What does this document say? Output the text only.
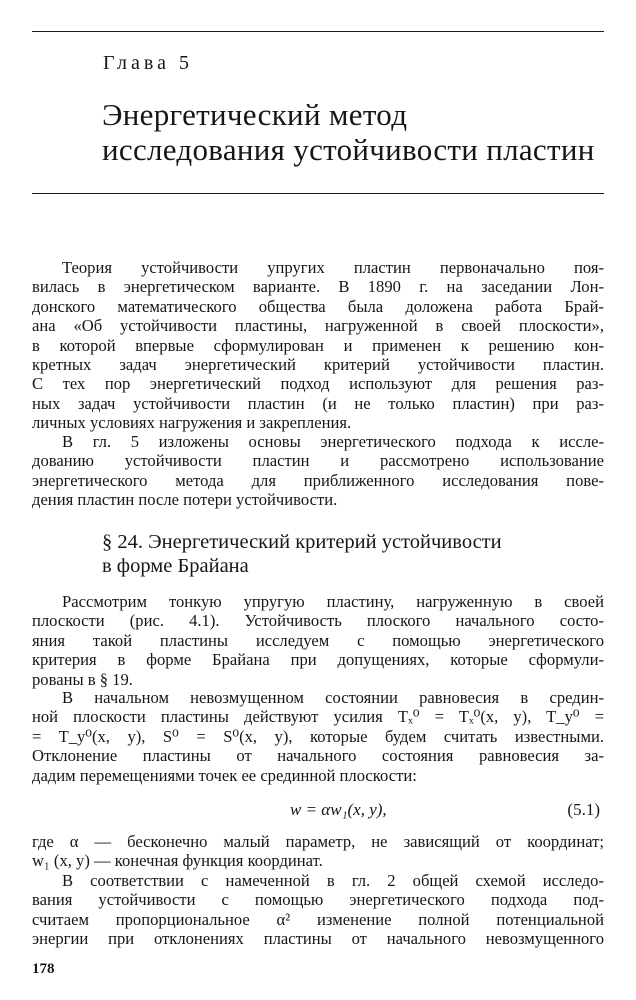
Глава 5

Энергетический метод
исследования устойчивости пластин

Теория устойчивости упругих пластин первоначально поя-
вилась в энергетическом варианте. В 1890 г. на заседании Лон-
донского математического общества была доложена работа Брай-
ана «Об устойчивости пластины, нагруженной в своей плоскости»,
в которой впервые сформулирован и применен к решению кон-
кретных задач энергетический критерий устойчивости пластин.
С тех пор энергетический подход используют для решения раз-
ных задач устойчивости пластин (и не только пластин) при раз-
личных условиях нагружения и закрепления.

В гл. 5 изложены основы энергетического подхода к иссле-
дованию устойчивости пластин и рассмотрено использование
энергетического метода для приближенного исследования пове-
дения пластин после потери устойчивости.

§ 24. Энергетический критерий устойчивости
в форме Брайана

Рассмотрим тонкую упругую пластину, нагруженную в своей
плоскости (рис. 4.1). Устойчивость плоского начального состо-
яния такой пластины исследуем с помощью энергетического
критерия в форме Брайана при допущениях, которые сформули-
рованы в § 19.

В начальном невозмущенном состоянии равновесия в средин-
ной плоскости пластины действуют усилия Tₓ⁰ = Tₓ⁰(x, y), T_y⁰ =
= T_y⁰(x, y), S⁰ = S⁰(x, y), которые будем считать известными.
Отклонение пластины от начального состояния равновесия за-
дадим перемещениями точек ее срединной плоскости:

w = αw₁(x, y),	(5.1)

где α — бесконечно малый параметр, не зависящий от координат;
w₁ (x, y) — конечная функция координат.

В соответствии с намеченной в гл. 2 общей схемой исследо-
вания устойчивости с помощью энергетического подхода под-
считаем пропорциональное α² изменение полной потенциальной
энергии при отклонениях пластины от начального невозмущенного

178
